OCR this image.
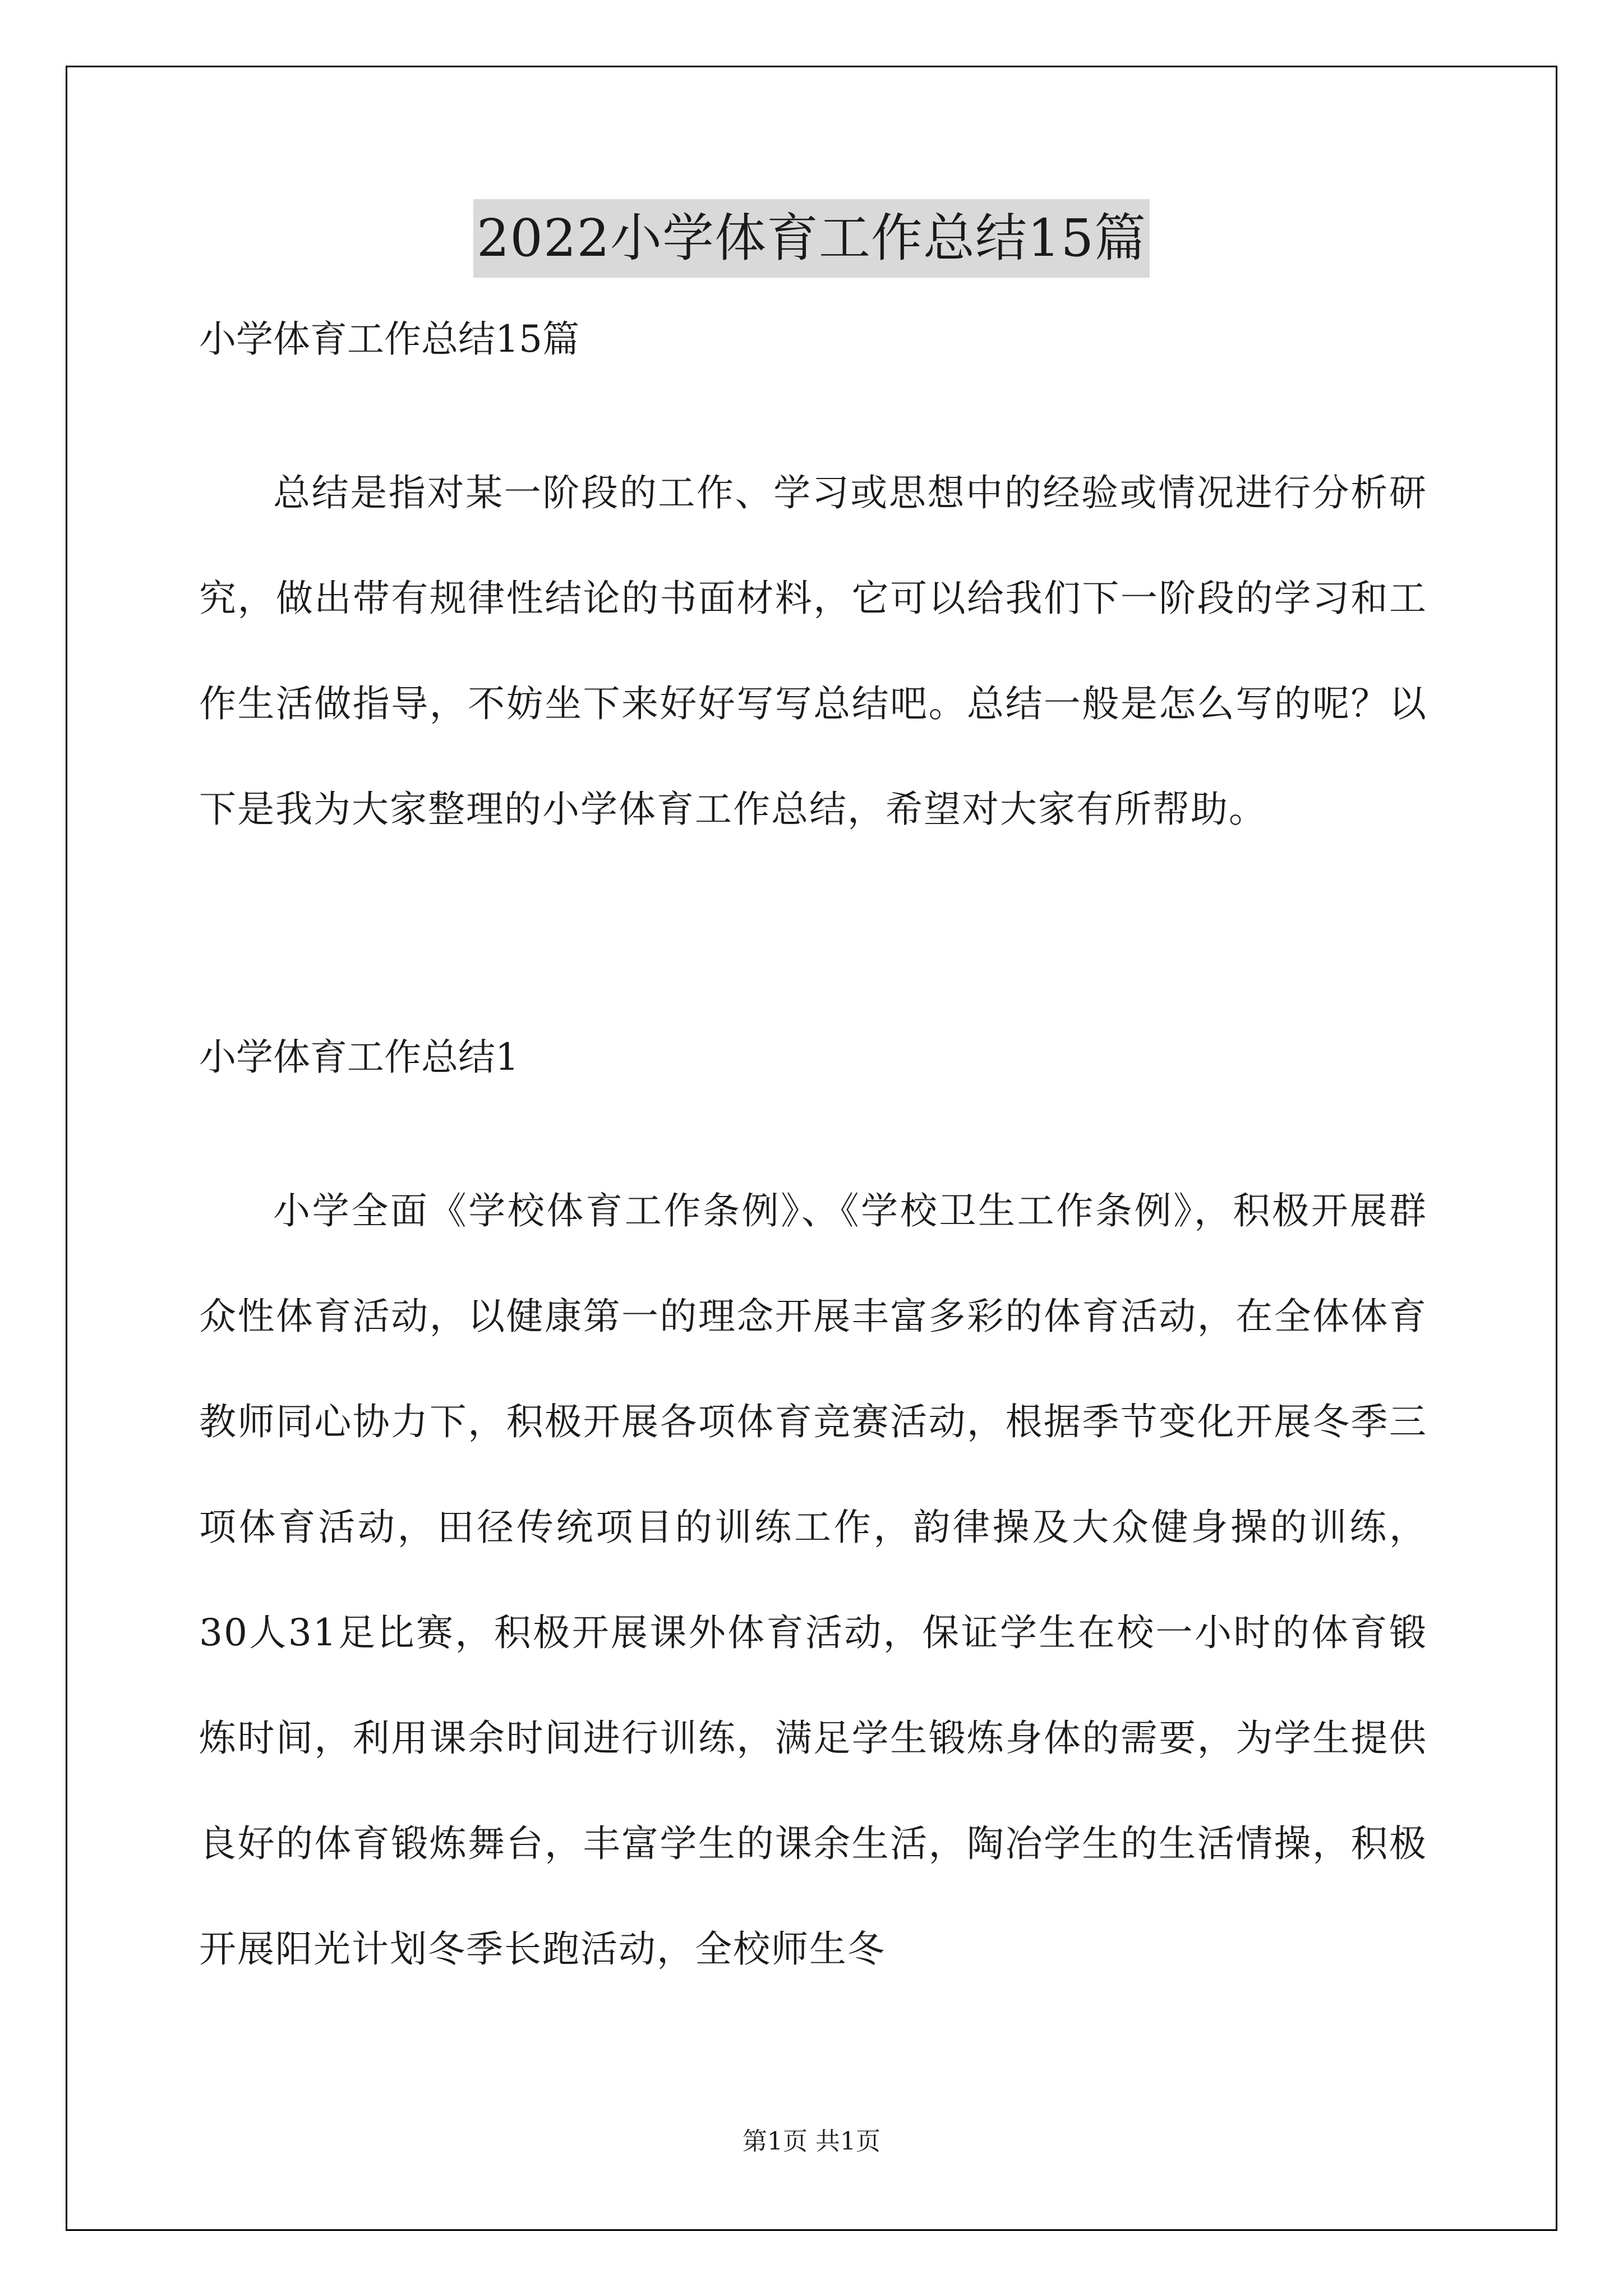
2022小学体育工作总结15篇
小学体育工作总结15篇
总结是指对某一阶段的工作、学习或思想中的经验或情况进行分析研究，做出带有规律性结论的书面材料，它可以给我们下一阶段的学习和工作生活做指导，不妨坐下来好好写写总结吧。总结一般是怎么写的呢？以下是我为大家整理的小学体育工作总结，希望对大家有所帮助。
小学体育工作总结1
小学全面《学校体育工作条例》、《学校卫生工作条例》，积极开展群众性体育活动，以健康第一的理念开展丰富多彩的体育活动，在全体体育教师同心协力下，积极开展各项体育竞赛活动，根据季节变化开展冬季三项体育活动，田径传统项目的训练工作，韵律操及大众健身操的训练，30人31足比赛，积极开展课外体育活动，保证学生在校一小时的体育锻炼时间，利用课余时间进行训练，满足学生锻炼身体的需要，为学生提供良好的体育锻炼舞台，丰富学生的课余生活，陶冶学生的生活情操，积极开展阳光计划冬季长跑活动，全校师生冬
第1页 共1页
